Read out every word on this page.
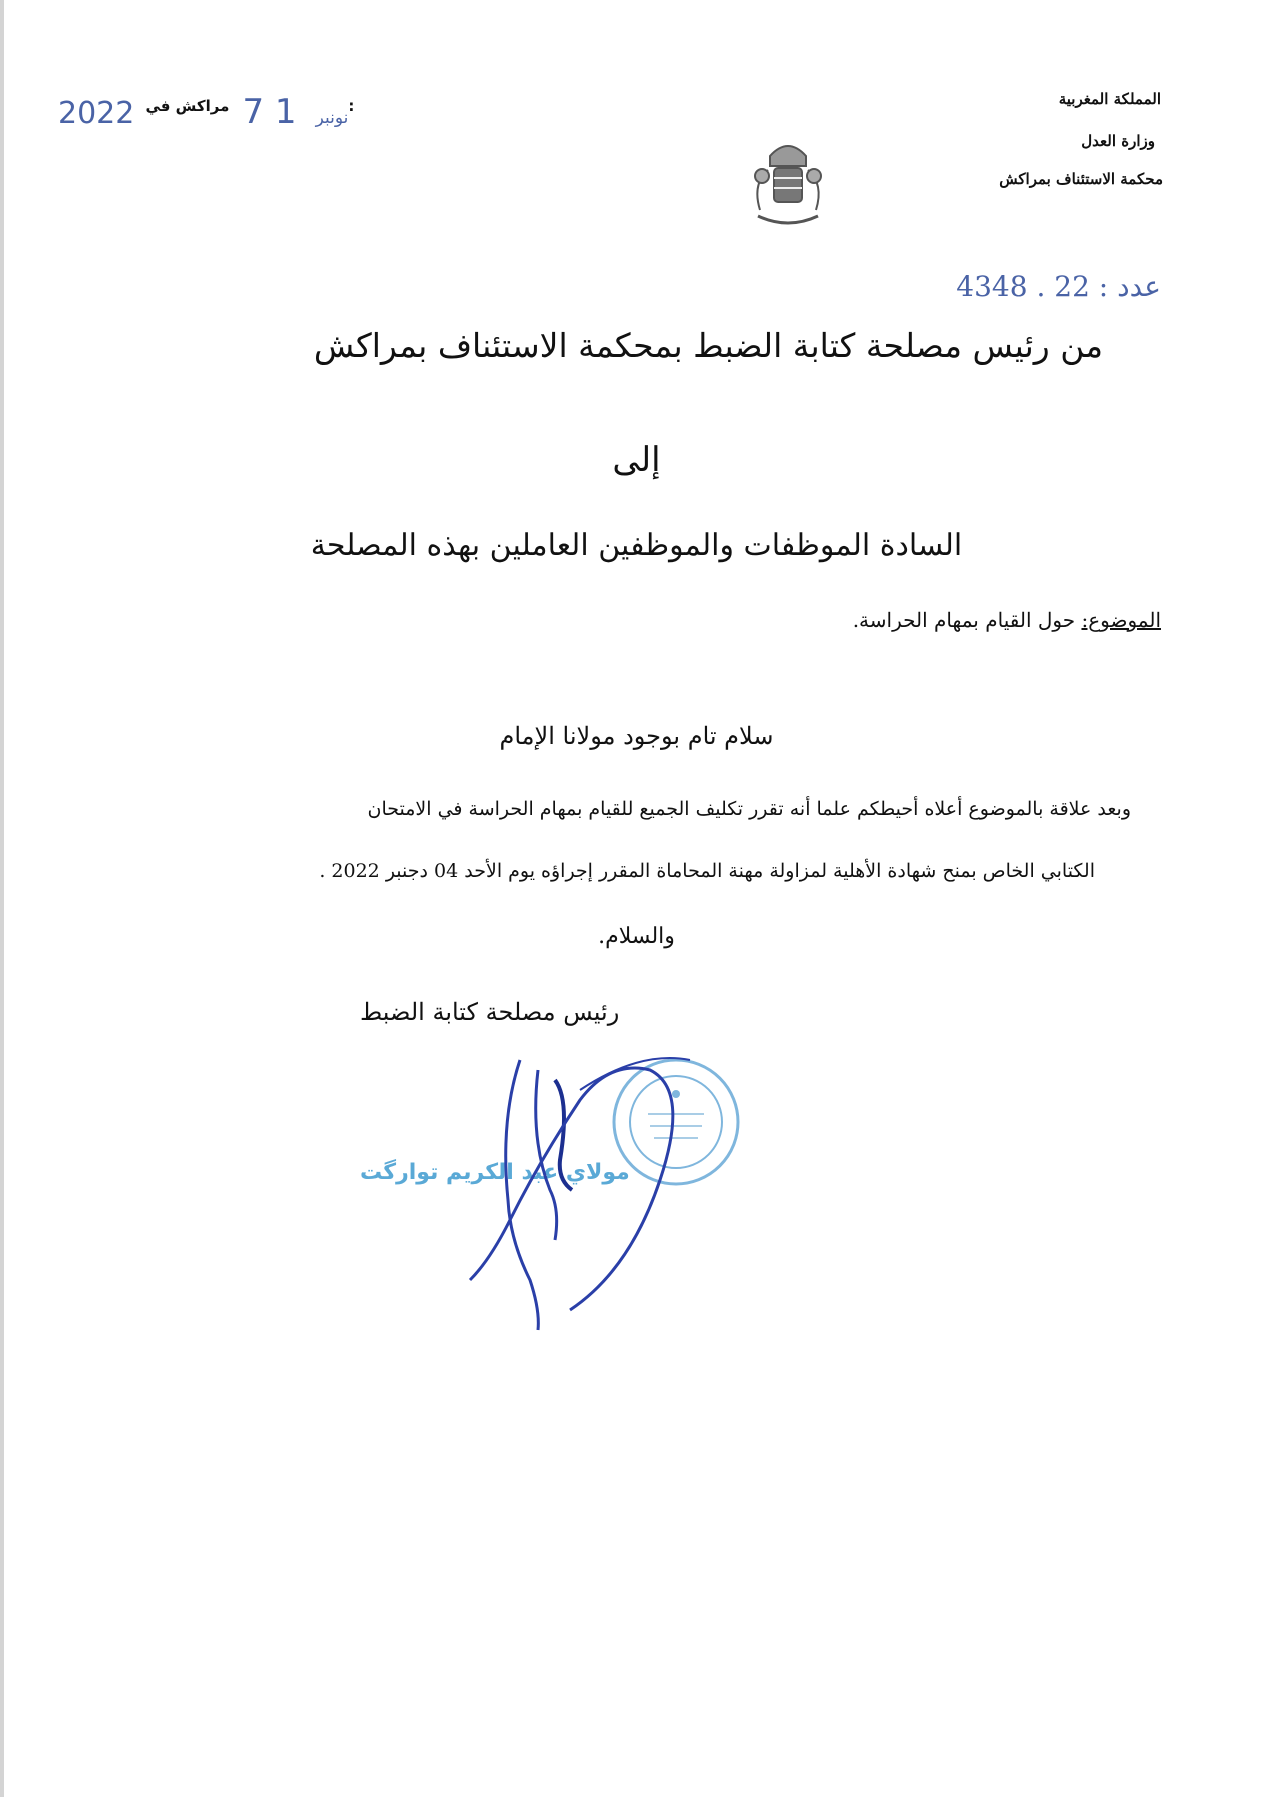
المملكة المغربية
وزارة العدل
محكمة الاستئناف بمراكش
2022	نونبر 1 7 مراكش في:
عدد : 22 . 4348
من رئيس مصلحة كتابة الضبط بمحكمة الاستئناف بمراكش
إلى
السادة الموظفات والموظفين العاملين بهذه المصلحة
الموضوع: حول القيام بمهام الحراسة.
سلام تام بوجود مولانا الإمام
وبعد علاقة بالموضوع أعلاه أحيطكم علما أنه تقرر تكليف الجميع للقيام بمهام الحراسة في الامتحان
الكتابي الخاص بمنح شهادة الأهلية لمزاولة مهنة المحاماة المقرر إجراؤه يوم الأحد 04 دجنبر 2022 .
والسلام.
رئيس مصلحة كتابة الضبط
مولاي عبد الكريم توارگت
